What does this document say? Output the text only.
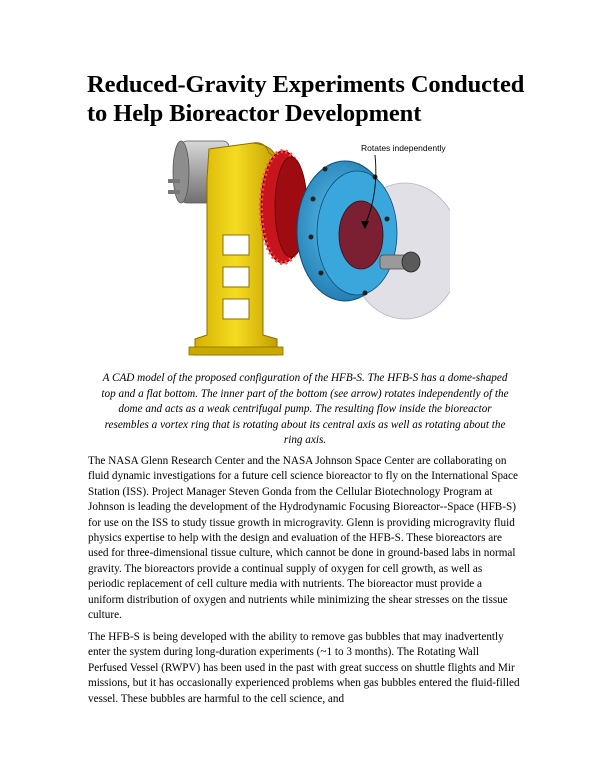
Reduced-Gravity Experiments Conducted to Help Bioreactor Development
Rotates independently

A CAD model of the proposed configuration of the HFB-S. The HFB-S has a dome-shaped top and a flat bottom. The inner part of the bottom (see arrow) rotates independently of the dome and acts as a weak centrifugal pump. The resulting flow inside the bioreactor resembles a vortex ring that is rotating about its central axis as well as rotating about the ring axis.

The NASA Glenn Research Center and the NASA Johnson Space Center are collaborating on fluid dynamic investigations for a future cell science bioreactor to fly on the International Space Station (ISS). Project Manager Steven Gonda from the Cellular Biotechnology Program at Johnson is leading the development of the Hydrodynamic Focusing Bioreactor--Space (HFB-S) for use on the ISS to study tissue growth in microgravity. Glenn is providing microgravity fluid physics expertise to help with the design and evaluation of the HFB-S. These bioreactors are used for three-dimensional tissue culture, which cannot be done in ground-based labs in normal gravity. The bioreactors provide a continual supply of oxygen for cell growth, as well as periodic replacement of cell culture media with nutrients. The bioreactor must provide a uniform distribution of oxygen and nutrients while minimizing the shear stresses on the tissue culture.

The HFB-S is being developed with the ability to remove gas bubbles that may inadvertently enter the system during long-duration experiments (~1 to 3 months). The Rotating Wall Perfused Vessel (RWPV) has been used in the past with great success on shuttle flights and Mir missions, but it has occasionally experienced problems when gas bubbles entered the fluid-filled vessel. These bubbles are harmful to the cell science, and
